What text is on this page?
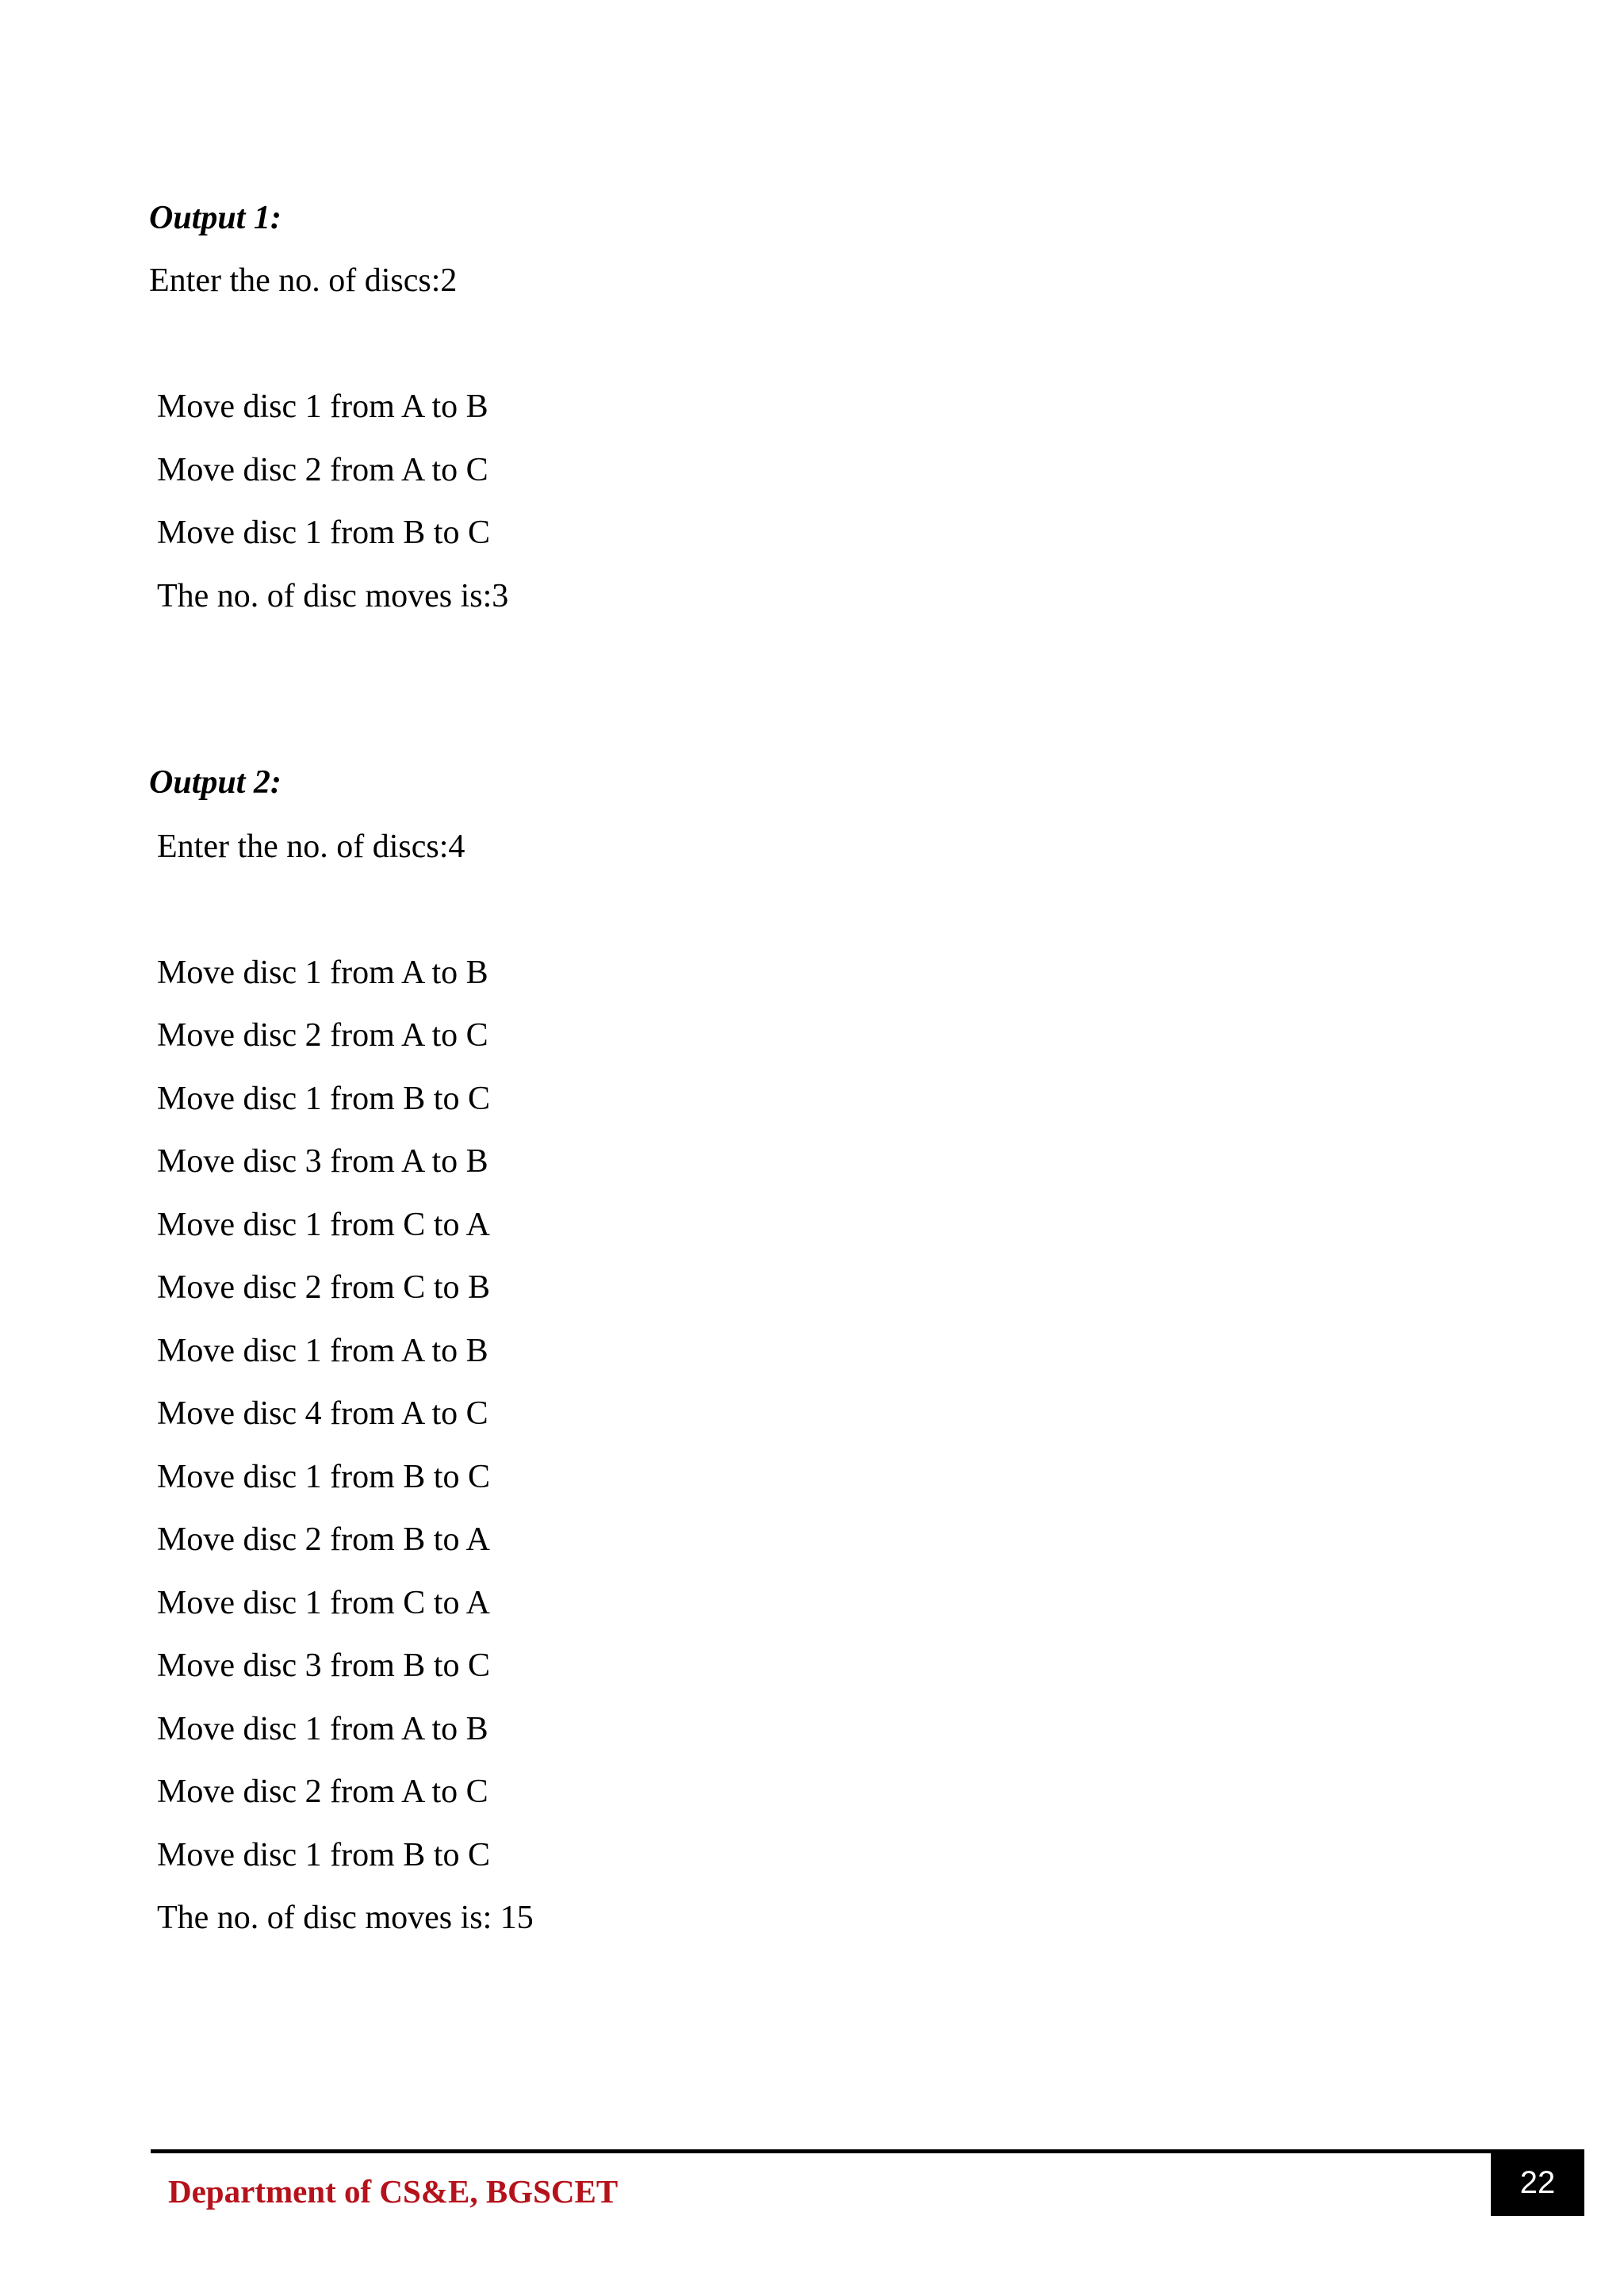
Output 1:
Enter the no. of discs:2
Move disc 1 from A to B
Move disc 2 from A to C
Move disc 1 from B to C
The no. of disc moves is:3
Output 2:
Enter the no. of discs:4
Move disc 1 from A to B
Move disc 2 from A to C
Move disc 1 from B to C
Move disc 3 from A to B
Move disc 1 from C to A
Move disc 2 from C to B
Move disc 1 from A to B
Move disc 4 from A to C
Move disc 1 from B to C
Move disc 2 from B to A
Move disc 1 from C to A
Move disc 3 from B to C
Move disc 1 from A to B
Move disc 2 from A to C
Move disc 1 from B to C
The no. of disc moves is: 15
Department of CS&E, BGSCET	22
